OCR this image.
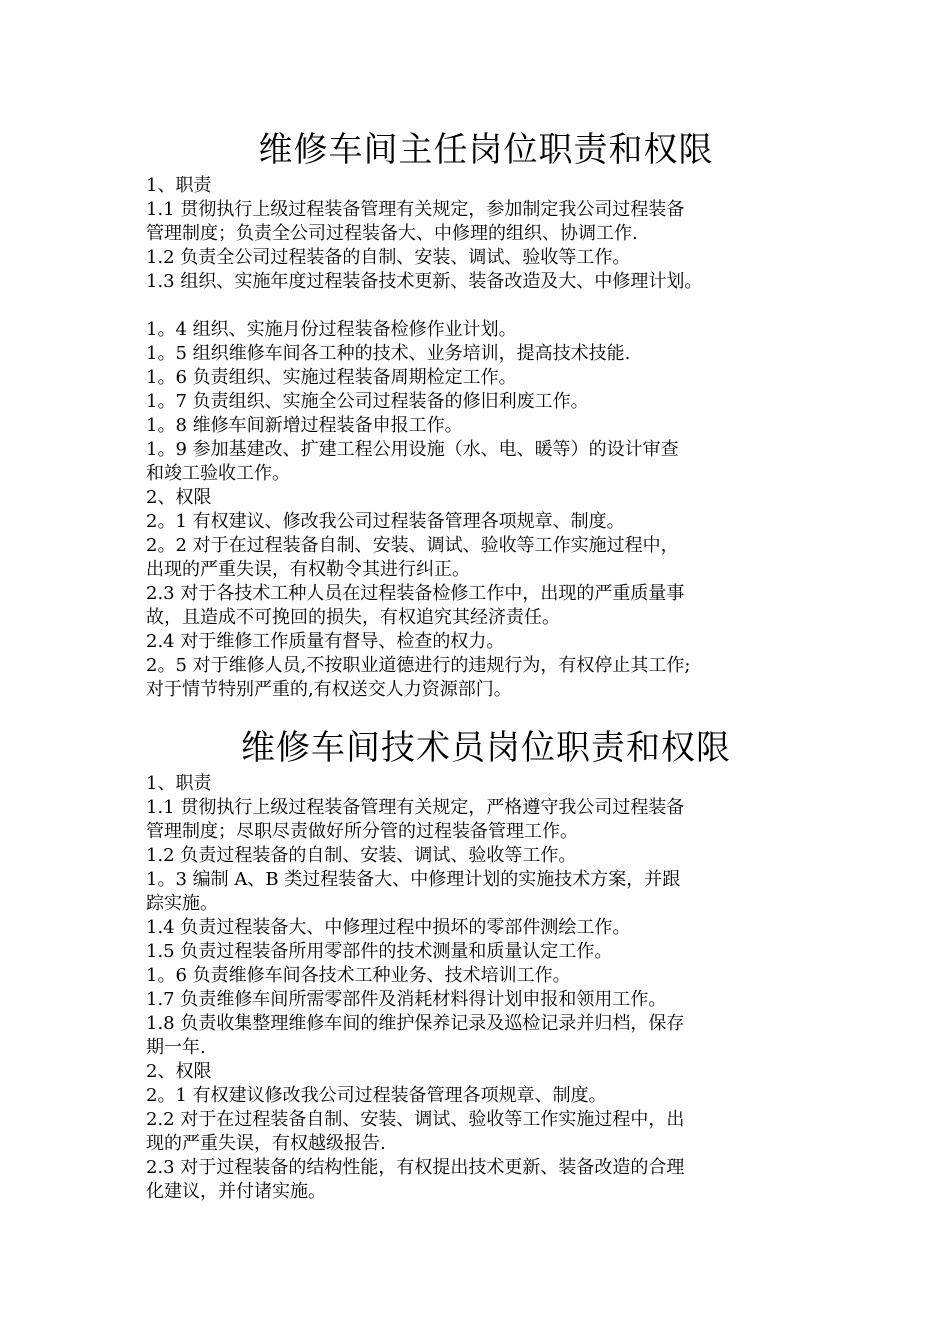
维修车间主任岗位职责和权限

1、职责

1.1 贯彻执行上级过程装备管理有关规定，参加制定我公司过程装备

管理制度；负责全公司过程装备大、中修理的组织、协调工作.

1.2 负责全公司过程装备的自制、安装、调试、验收等工作。

1.3 组织、实施年度过程装备技术更新、装备改造及大、中修理计划。

1。4 组织、实施月份过程装备检修作业计划。

1。5 组织维修车间各工种的技术、业务培训，提高技术技能.

1。6 负责组织、实施过程装备周期检定工作。

1。7 负责组织、实施全公司过程装备的修旧利废工作。

1。8 维修车间新增过程装备申报工作。

1。9 参加基建改、扩建工程公用设施（水、电、暖等）的设计审查

和竣工验收工作。

2、权限

2。1 有权建议、修改我公司过程装备管理各项规章、制度。

2。2 对于在过程装备自制、安装、调试、验收等工作实施过程中，

出现的严重失误，有权勒令其进行纠正。

2.3 对于各技术工种人员在过程装备检修工作中，出现的严重质量事

故，且造成不可挽回的损失，有权追究其经济责任。

2.4 对于维修工作质量有督导、检查的权力。

2。5 对于维修人员,不按职业道德进行的违规行为，有权停止其工作;

对于情节特别严重的,有权送交人力资源部门。

维修车间技术员岗位职责和权限

1、职责

1.1 贯彻执行上级过程装备管理有关规定，严格遵守我公司过程装备

管理制度；尽职尽责做好所分管的过程装备管理工作。

1.2 负责过程装备的自制、安装、调试、验收等工作。

1。3 编制 A、B 类过程装备大、中修理计划的实施技术方案，并跟

踪实施。

1.4 负责过程装备大、中修理过程中损坏的零部件测绘工作。

1.5 负责过程装备所用零部件的技术测量和质量认定工作。

1。6 负责维修车间各技术工种业务、技术培训工作。

1.7 负责维修车间所需零部件及消耗材料得计划申报和领用工作。

1.8 负责收集整理维修车间的维护保养记录及巡检记录并归档，保存

期一年.

2、权限

2。1 有权建议修改我公司过程装备管理各项规章、制度。

2.2 对于在过程装备自制、安装、调试、验收等工作实施过程中，出

现的严重失误，有权越级报告.

2.3 对于过程装备的结构性能，有权提出技术更新、装备改造的合理

化建议，并付诸实施。
